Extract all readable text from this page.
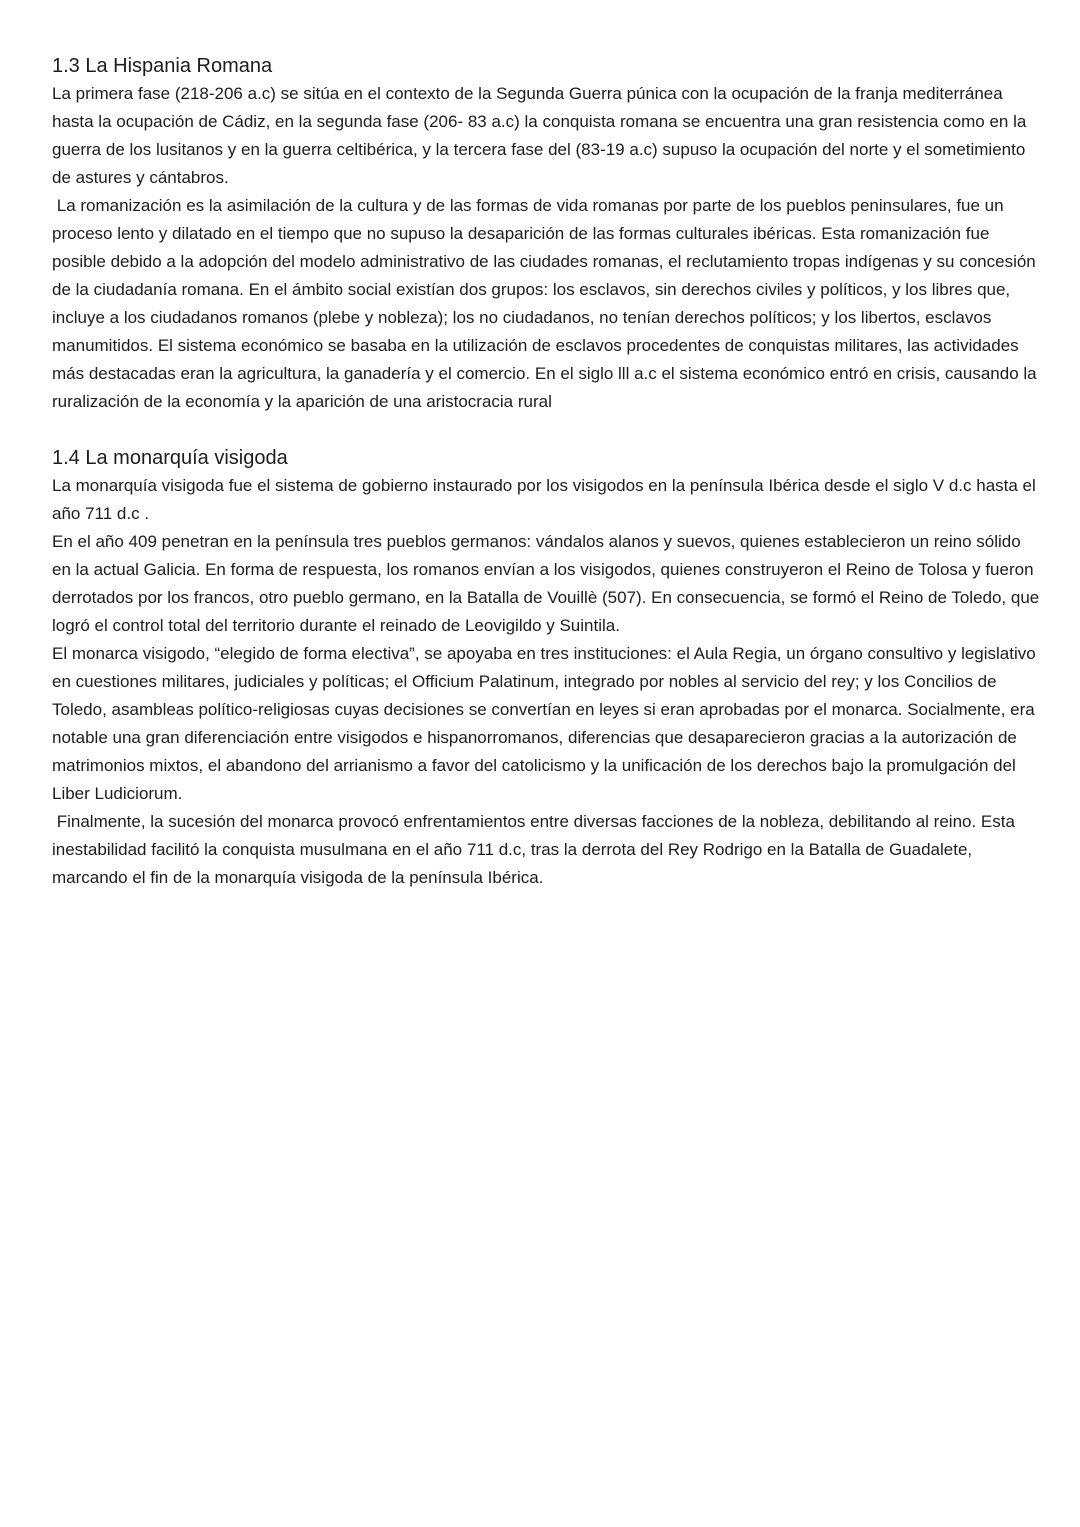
1.3 La Hispania Romana

La primera fase (218-206 a.c) se sitúa en el contexto de la Segunda Guerra púnica con la ocupación de la franja mediterránea hasta la ocupación de Cádiz, en la segunda fase (206- 83 a.c) la conquista romana se encuentra una gran resistencia como en la guerra de los lusitanos y en la guerra celtibérica, y la tercera fase del (83-19 a.c) supuso la ocupación del norte y el sometimiento de astures y cántabros.

La romanización es la asimilación de la cultura y de las formas de vida romanas por parte de los pueblos peninsulares, fue un proceso lento y dilatado en el tiempo que no supuso la desaparición de las formas culturales ibéricas. Esta romanización fue posible debido a la adopción del modelo administrativo de las ciudades romanas, el reclutamiento tropas indígenas y su concesión de la ciudadanía romana. En el ámbito social existían dos grupos: los esclavos, sin derechos civiles y políticos, y los libres que, incluye a los ciudadanos romanos (plebe y nobleza); los no ciudadanos, no tenían derechos políticos; y los libertos, esclavos manumitidos. El sistema económico se basaba en la utilización de esclavos procedentes de conquistas militares, las actividades más destacadas eran la agricultura, la ganadería y el comercio. En el siglo lll a.c el sistema económico entró en crisis, causando la ruralización de la economía y la aparición de una aristocracia rural

1.4 La monarquía visigoda

La monarquía visigoda fue el sistema de gobierno instaurado por los visigodos en la península Ibérica desde el siglo V d.c hasta el año 711 d.c .

En el año 409 penetran en la península tres pueblos germanos: vándalos alanos y suevos, quienes establecieron un reino sólido en la actual Galicia. En forma de respuesta, los romanos envían a los visigodos, quienes construyeron el Reino de Tolosa y fueron derrotados por los francos, otro pueblo germano, en la Batalla de Vouillè (507). En consecuencia, se formó el Reino de Toledo, que logró el control total del territorio durante el reinado de Leovigildo y Suintila.

El monarca visigodo, “elegido de forma electiva”, se apoyaba en tres instituciones: el Aula Regia, un órgano consultivo y legislativo en cuestiones militares, judiciales y políticas; el Officium Palatinum, integrado por nobles al servicio del rey; y los Concilios de Toledo, asambleas político-religiosas cuyas decisiones se convertían en leyes si eran aprobadas por el monarca. Socialmente, era notable una gran diferenciación entre visigodos e hispanorromanos, diferencias que desaparecieron gracias a la autorización de matrimonios mixtos, el abandono del arrianismo a favor del catolicismo y la unificación de los derechos bajo la promulgación del Liber Ludiciorum.

Finalmente, la sucesión del monarca provocó enfrentamientos entre diversas facciones de la nobleza, debilitando al reino. Esta inestabilidad facilitó la conquista musulmana en el año 711 d.c, tras la derrota del Rey Rodrigo en la Batalla de Guadalete, marcando el fin de la monarquía visigoda de la península Ibérica.
